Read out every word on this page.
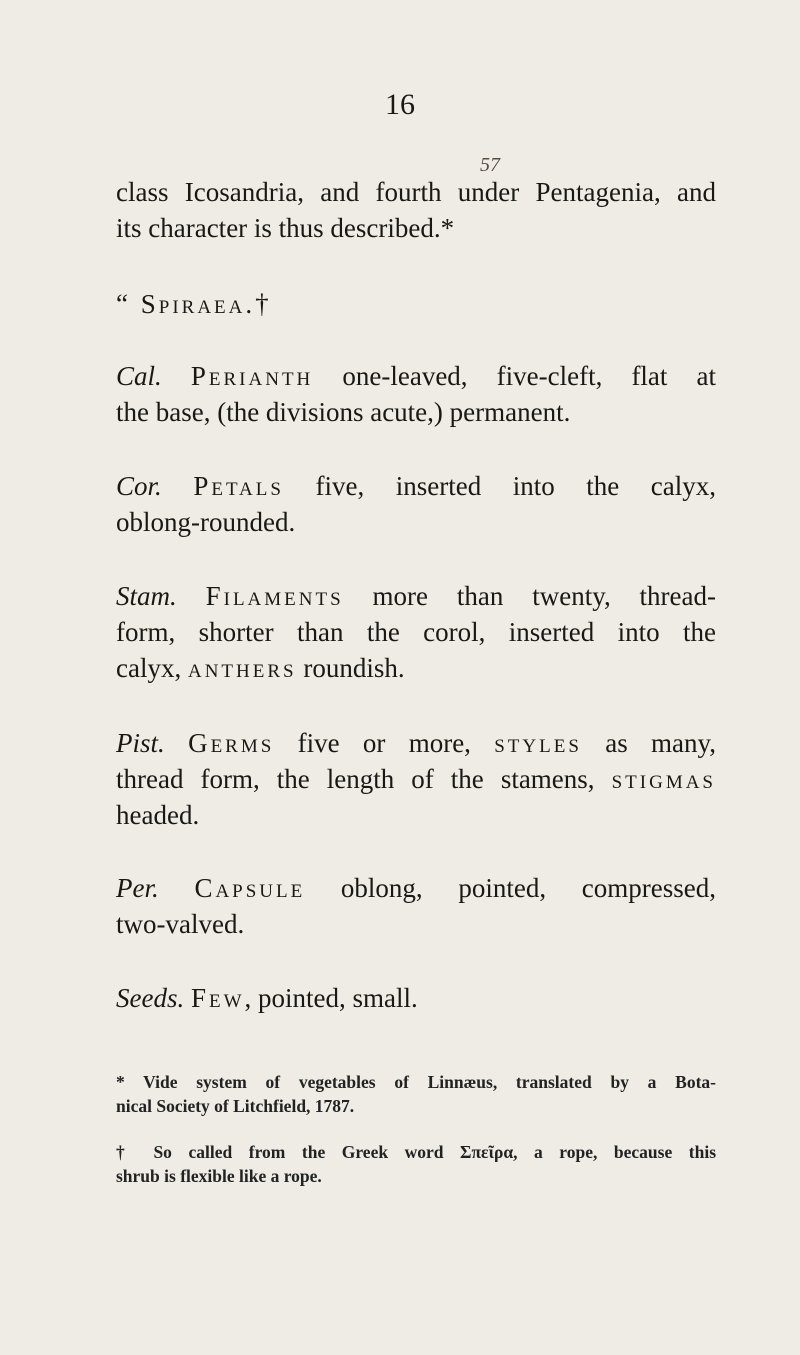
16
57
class Icosandria, and fourth under Pentagenia, and
its character is thus described.*
“ Spiraea.†
Cal. Perianth one-leaved, five-cleft, flat at
the base, (the divisions acute,) permanent.
Cor. Petals five, inserted into the calyx,
oblong-rounded.
Stam. Filaments more than twenty, thread-
form, shorter than the corol, inserted into the
calyx, anthers roundish.
Pist. Germs five or more, styles as many,
thread form, the length of the stamens, stigmas
headed.
Per. Capsule oblong, pointed, compressed,
two-valved.
Seeds. Few, pointed, small.
* Vide system of vegetables of Linnæus, translated by a Bota-
nical Society of Litchfield, 1787.
† So called from the Greek word Σπεῖρα, a rope, because this
shrub is flexible like a rope.
